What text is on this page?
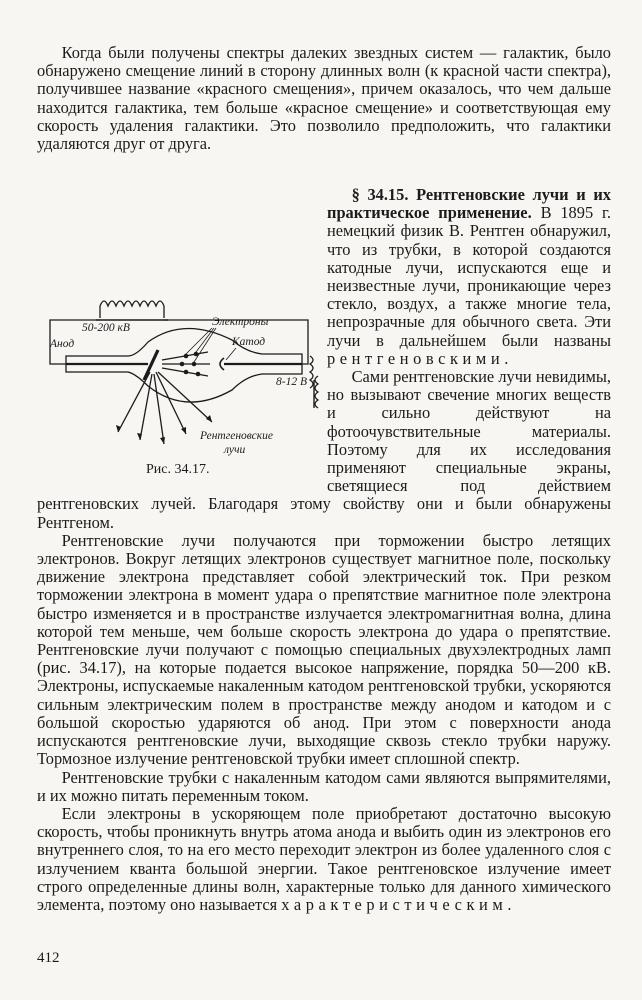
Когда были получены спектры далеких звездных систем — галактик, было обнаружено смещение линий в сторону длинных волн (к красной части спектра), получившее название «красного смещения», причем оказалось, что чем дальше находится галактика, тем больше «красное смещение» и соответствующая ему скорость удаления галактики. Это позволило предположить, что галактики удаляются друг от друга.
§ 34.15. Рентгеновские лучи и их практическое применение. В 1895 г. немецкий физик В. Рентген обнаружил, что из трубки, в которой создаются катодные лучи, испускаются еще и неизвестные лучи, проникающие через стекло, воздух, а также многие тела, непрозрачные для обычного света. Эти лучи в дальнейшем были названы рентгеновскими.
Сами рентгеновские лучи невидимы, но вызывают свечение многих веществ и сильно действуют на фотоочувствительные материалы. Поэтому для их исследования применяют специальные экраны, светящиеся под действием рентгеновских лучей. Благодаря этому свойству они и были обнаружены Рентгеном.
Рентгеновские лучи получаются при торможении быстро летящих электронов. Вокруг летящих электронов существует магнитное поле, поскольку движение электрона представляет собой электрический ток. При резком торможении электрона в момент удара о препятствие магнитное поле электрона быстро изменяется и в пространстве излучается электромагнитная волна, длина которой тем меньше, чем больше скорость электрона до удара о препятствие. Рентгеновские лучи получают с помощью специальных двухэлектродных ламп (рис. 34.17), на которые подается высокое напряжение, порядка 50—200 кВ. Электроны, испускаемые накаленным катодом рентгеновской трубки, ускоряются сильным электрическим полем в пространстве между анодом и катодом и с большой скоростью ударяются об анод. При этом с поверхности анода испускаются рентгеновские лучи, выходящие сквозь стекло трубки наружу. Тормозное излучение рентгеновской трубки имеет сплошной спектр.
Рентгеновские трубки с накаленным катодом сами являются выпрямителями, и их можно питать переменным током.
Если электроны в ускоряющем поле приобретают достаточно высокую скорость, чтобы проникнуть внутрь атома анода и выбить один из электронов его внутреннего слоя, то на его место переходит электрон из более удаленного слоя с излучением кванта большой энергии. Такое рентгеновское излучение имеет строго определенные длины волн, характерные только для данного химического элемента, поэтому оно называется характеристическим.
50-200 кВ	Электроны
Анод	Катод
8-12 В
Рентгеновские
лучи
Рис. 34.17.
412
